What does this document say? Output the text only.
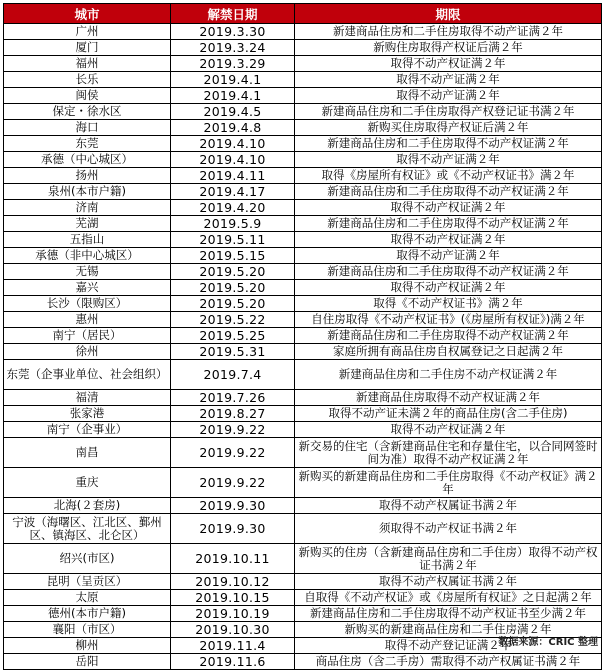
城市	解禁日期	期限
广州	2019.3.30	新建商品住房和二手住房取得不动产证满２年
厦门	2019.3.24	新购住房取得产权证后满２年
福州	2019.3.29	取得不动产权证满２年
长乐	2019.4.1	取得不动产证满２年
闽侯	2019.4.1	取得不动产证满２年
保定・徐水区	2019.4.5	新建商品住房和二手住房取得产权登记证书满２年
海口	2019.4.8	新购买住房取得产权证后满２年
东莞	2019.4.10	新建商品住房和二手住房取得不动产权证满２年
承德（中心城区）	2019.4.10	取得不动产证满２年
扬州	2019.4.11	取得《房屋所有权证》或《不动产权证书》满２年
泉州(本市户籍)	2019.4.17	新建商品住房和二手住房取得不动产权证满２年
济南	2019.4.20	取得不动产权证满２年
芜湖	2019.5.9	新建商品住房和二手住房取得不动产权证满２年
五指山	2019.5.11	取得不动产权证满２年
承德（非中心城区）	2019.5.15	取得不动产证满２年
无锡	2019.5.20	新建商品住房和二手住房取得不动产权证满２年
嘉兴	2019.5.20	取得不动产权证满２年
长沙（限购区）	2019.5.20	取得《不动产权证书》满２年
惠州	2019.5.22	自住房取得《不动产权证书》(《房屋所有权证》)满２年
南宁（居民）	2019.5.25	新建商品住房和二手住房取得不动产权证满２年
徐州	2019.5.31	家庭所拥有商品住房自权属登记之日起满２年
东莞（企事业单位、社会组织）	2019.7.4	新建商品住房和二手住房不动产权证满２年
福清	2019.7.26	新建商品住房取得不动产权证满２年
张家港	2019.8.27	取得不动产证未满２年的商品住房(含二手住房)
南宁（企事业）	2019.9.22	取得不动产权证满２年
南昌	2019.9.22	新交易的住宅（含新建商品住宅和存量住宅，以合同网签时间为准）取得不动产权证满２年
重庆	2019.9.22	新购买的新建商品住房和二手住房取得《不动产权证》满２年
北海(２套房)	2019.9.30	取得不动产权属证书满２年
宁波（海曙区、江北区、鄞州区、镇海区、北仑区）	2019.9.30	须取得不动产权证书满２年
绍兴(市区)	2019.10.11	新购买的住房（含新建商品住房和二手住房）取得不动产权证书满２年
昆明（呈贡区）	2019.10.12	取得不动产权属证书满２年
太原	2019.10.15	自取得《不动产权证》或《房屋所有权证》之日起满２年
德州(本市户籍)	2019.10.19	新建商品住房和二手住房取得不动产权证书至少满２年
襄阳（市区）	2019.10.30	新购买的新建商品住房和二手住房满２年
柳州	2019.11.4	取得不动产登记证满２年
岳阳	2019.11.6	商品住房（含二手房）需取得不动产权属证书满２年
数据来源：CRIC 整理
